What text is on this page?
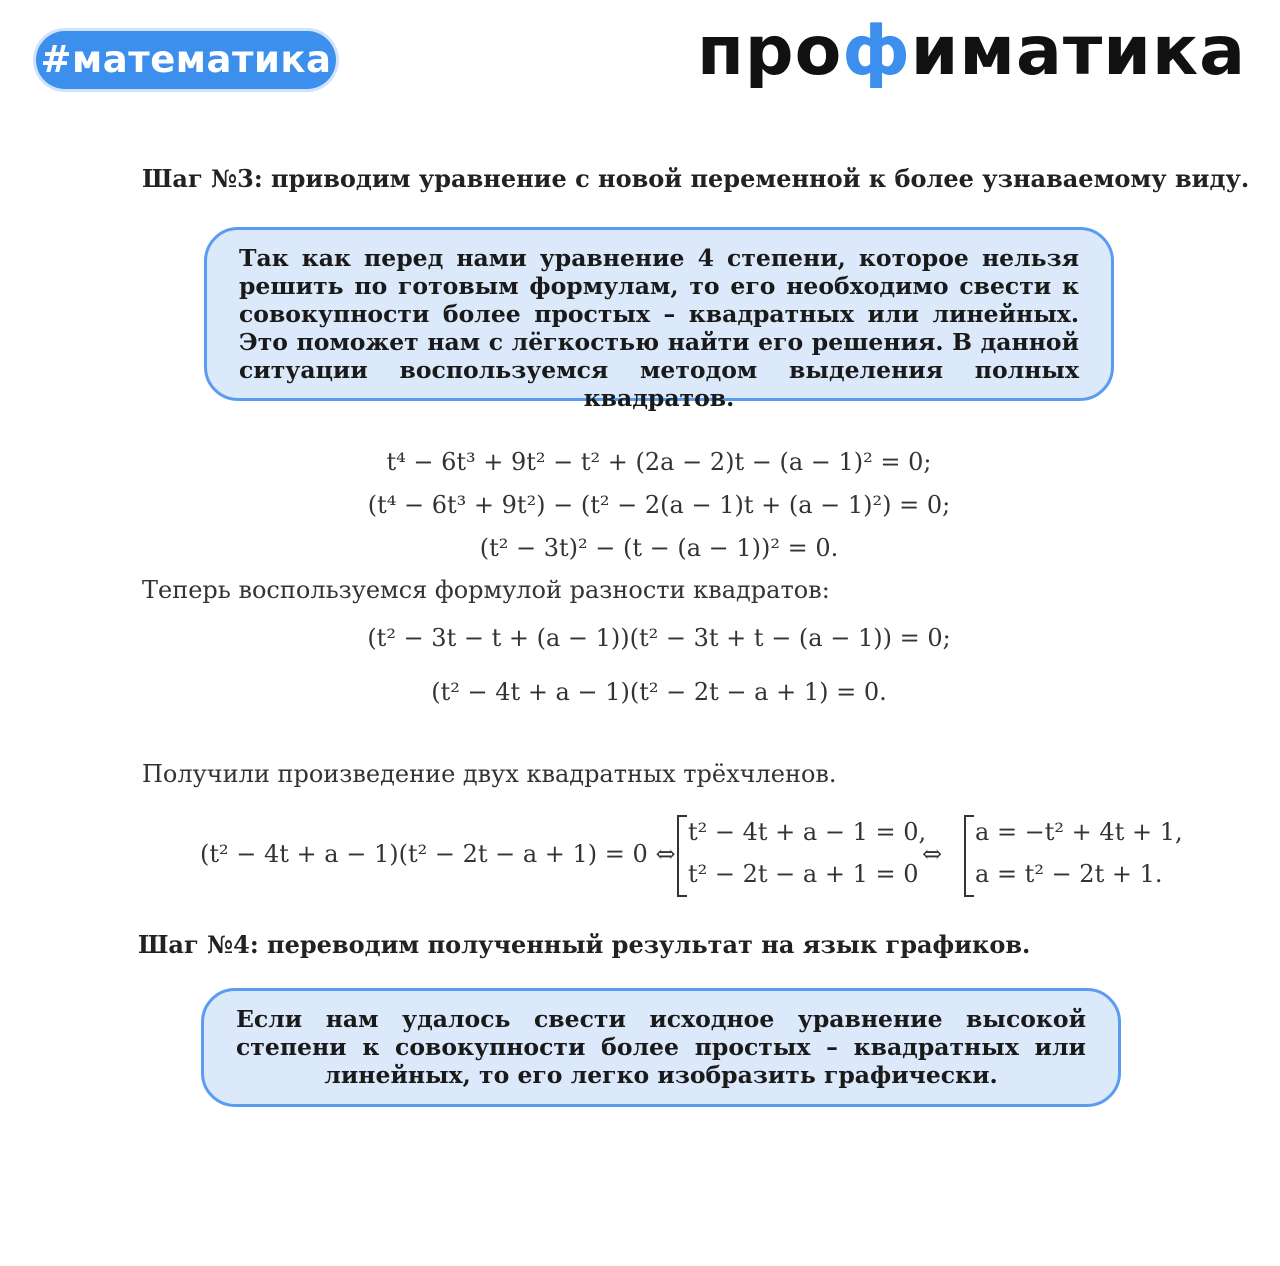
#математика	профиматика
Шаг №3: приводим уравнение с новой переменной к более узнаваемому виду.
Так как перед нами уравнение 4 степени, которое нельзя решить по готовым формулам, то его необходимо свести к совокупности более простых – квадратных или линейных. Это поможет нам с лёгкостью найти его решения. В данной ситуации воспользуемся методом выделения полных квадратов.
t⁴ − 6t³ + 9t² − t² + (2a − 2)t − (a − 1)² = 0;
(t⁴ − 6t³ + 9t²) − (t² − 2(a − 1)t + (a − 1)²) = 0;
(t² − 3t)² − (t − (a − 1))² = 0.
Теперь воспользуемся формулой разности квадратов:
(t² − 3t − t + (a − 1))(t² − 3t + t − (a − 1)) = 0;
(t² − 4t + a − 1)(t² − 2t − a + 1) = 0.
Получили произведение двух квадратных трёхчленов.
(t² − 4t + a − 1)(t² − 2t − a + 1) = 0 ⇔
t² − 4t + a − 1 = 0,
t² − 2t − a + 1 = 0
⇔
a = −t² + 4t + 1,
a = t² − 2t + 1.
Шаг №4: переводим полученный результат на язык графиков.
Если нам удалось свести исходное уравнение высокой степени к совокупности более простых – квадратных или линейных, то его легко изобразить графически.
